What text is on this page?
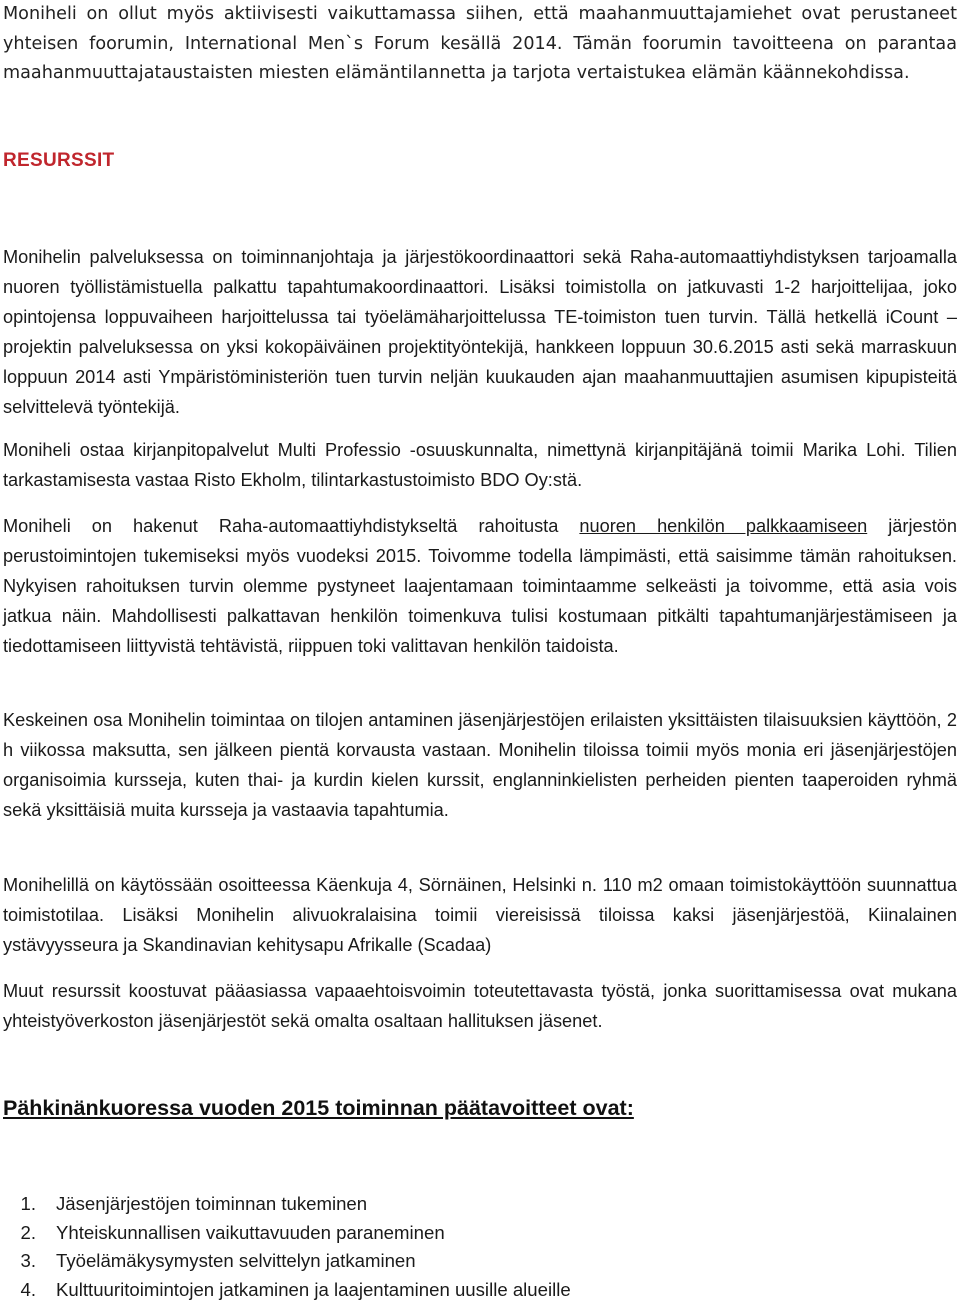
Moniheli on ollut myös aktiivisesti vaikuttamassa siihen, että maahanmuuttajamiehet ovat perustaneet yhteisen foorumin, International Men`s Forum kesällä 2014. Tämän foorumin tavoitteena on parantaa maahanmuuttajataustaisten miesten elämäntilannetta ja tarjota vertaistukea elämän käännekohdissa.

RESURSSIT

Monihelin palveluksessa on toiminnanjohtaja ja järjestökoordinaattori sekä Raha-automaattiyhdistyksen tarjoamalla nuoren työllistämistuella palkattu tapahtumakoordinaattori. Lisäksi toimistolla on jatkuvasti 1-2 harjoittelijaa, joko opintojensa loppuvaiheen harjoittelussa tai työelämäharjoittelussa TE-toimiston tuen turvin. Tällä hetkellä iCount –projektin palveluksessa on yksi kokopäiväinen projektityöntekijä, hankkeen loppuun 30.6.2015 asti sekä marraskuun loppuun 2014 asti Ympäristöministeriön tuen turvin neljän kuukauden ajan maahanmuuttajien asumisen kipupisteitä selvittelevä työntekijä.

Moniheli ostaa kirjanpitopalvelut Multi Professio -osuuskunnalta, nimettynä kirjanpitäjänä toimii Marika Lohi. Tilien tarkastamisesta vastaa Risto Ekholm, tilintarkastustoimisto BDO Oy:stä.

Moniheli on hakenut Raha-automaattiyhdistykseltä rahoitusta nuoren henkilön palkkaamiseen järjestön perustoimintojen tukemiseksi myös vuodeksi 2015. Toivomme todella lämpimästi, että saisimme tämän rahoituksen. Nykyisen rahoituksen turvin olemme pystyneet laajentamaan toimintaamme selkeästi ja toivomme, että asia vois jatkua näin. Mahdollisesti palkattavan henkilön toimenkuva tulisi kostumaan pitkälti tapahtumanjärjestämiseen ja tiedottamiseen liittyvistä tehtävistä, riippuen toki valittavan henkilön taidoista.

Keskeinen osa Monihelin toimintaa on tilojen antaminen jäsenjärjestöjen erilaisten yksittäisten tilaisuuksien käyttöön, 2 h viikossa maksutta, sen jälkeen pientä korvausta vastaan. Monihelin tiloissa toimii myös monia eri jäsenjärjestöjen organisoimia kursseja, kuten thai- ja kurdin kielen kurssit, englanninkielisten perheiden pienten taaperoiden ryhmä sekä yksittäisiä muita kursseja ja vastaavia tapahtumia.

Monihelillä on käytössään osoitteessa Käenkuja 4, Sörnäinen, Helsinki n. 110 m2 omaan toimistokäyttöön suunnattua toimistotilaa. Lisäksi Monihelin alivuokralaisina toimii viereisissä tiloissa kaksi jäsenjärjestöä, Kiinalainen ystävyysseura ja Skandinavian kehitysapu Afrikalle (Scadaa)

Muut resurssit koostuvat pääasiassa vapaaehtoisvoimin toteutettavasta työstä, jonka suorittamisessa ovat mukana yhteistyöverkoston jäsenjärjestöt sekä omalta osaltaan hallituksen jäsenet.

Pähkinänkuoressa vuoden 2015 toiminnan päätavoitteet ovat:
1.	Jäsenjärjestöjen toiminnan tukeminen
2.	Yhteiskunnallisen vaikuttavuuden paraneminen
3.	Työelämäkysymysten selvittelyn jatkaminen
4.	Kulttuuritoimintojen jatkaminen ja laajentaminen uusille alueille
